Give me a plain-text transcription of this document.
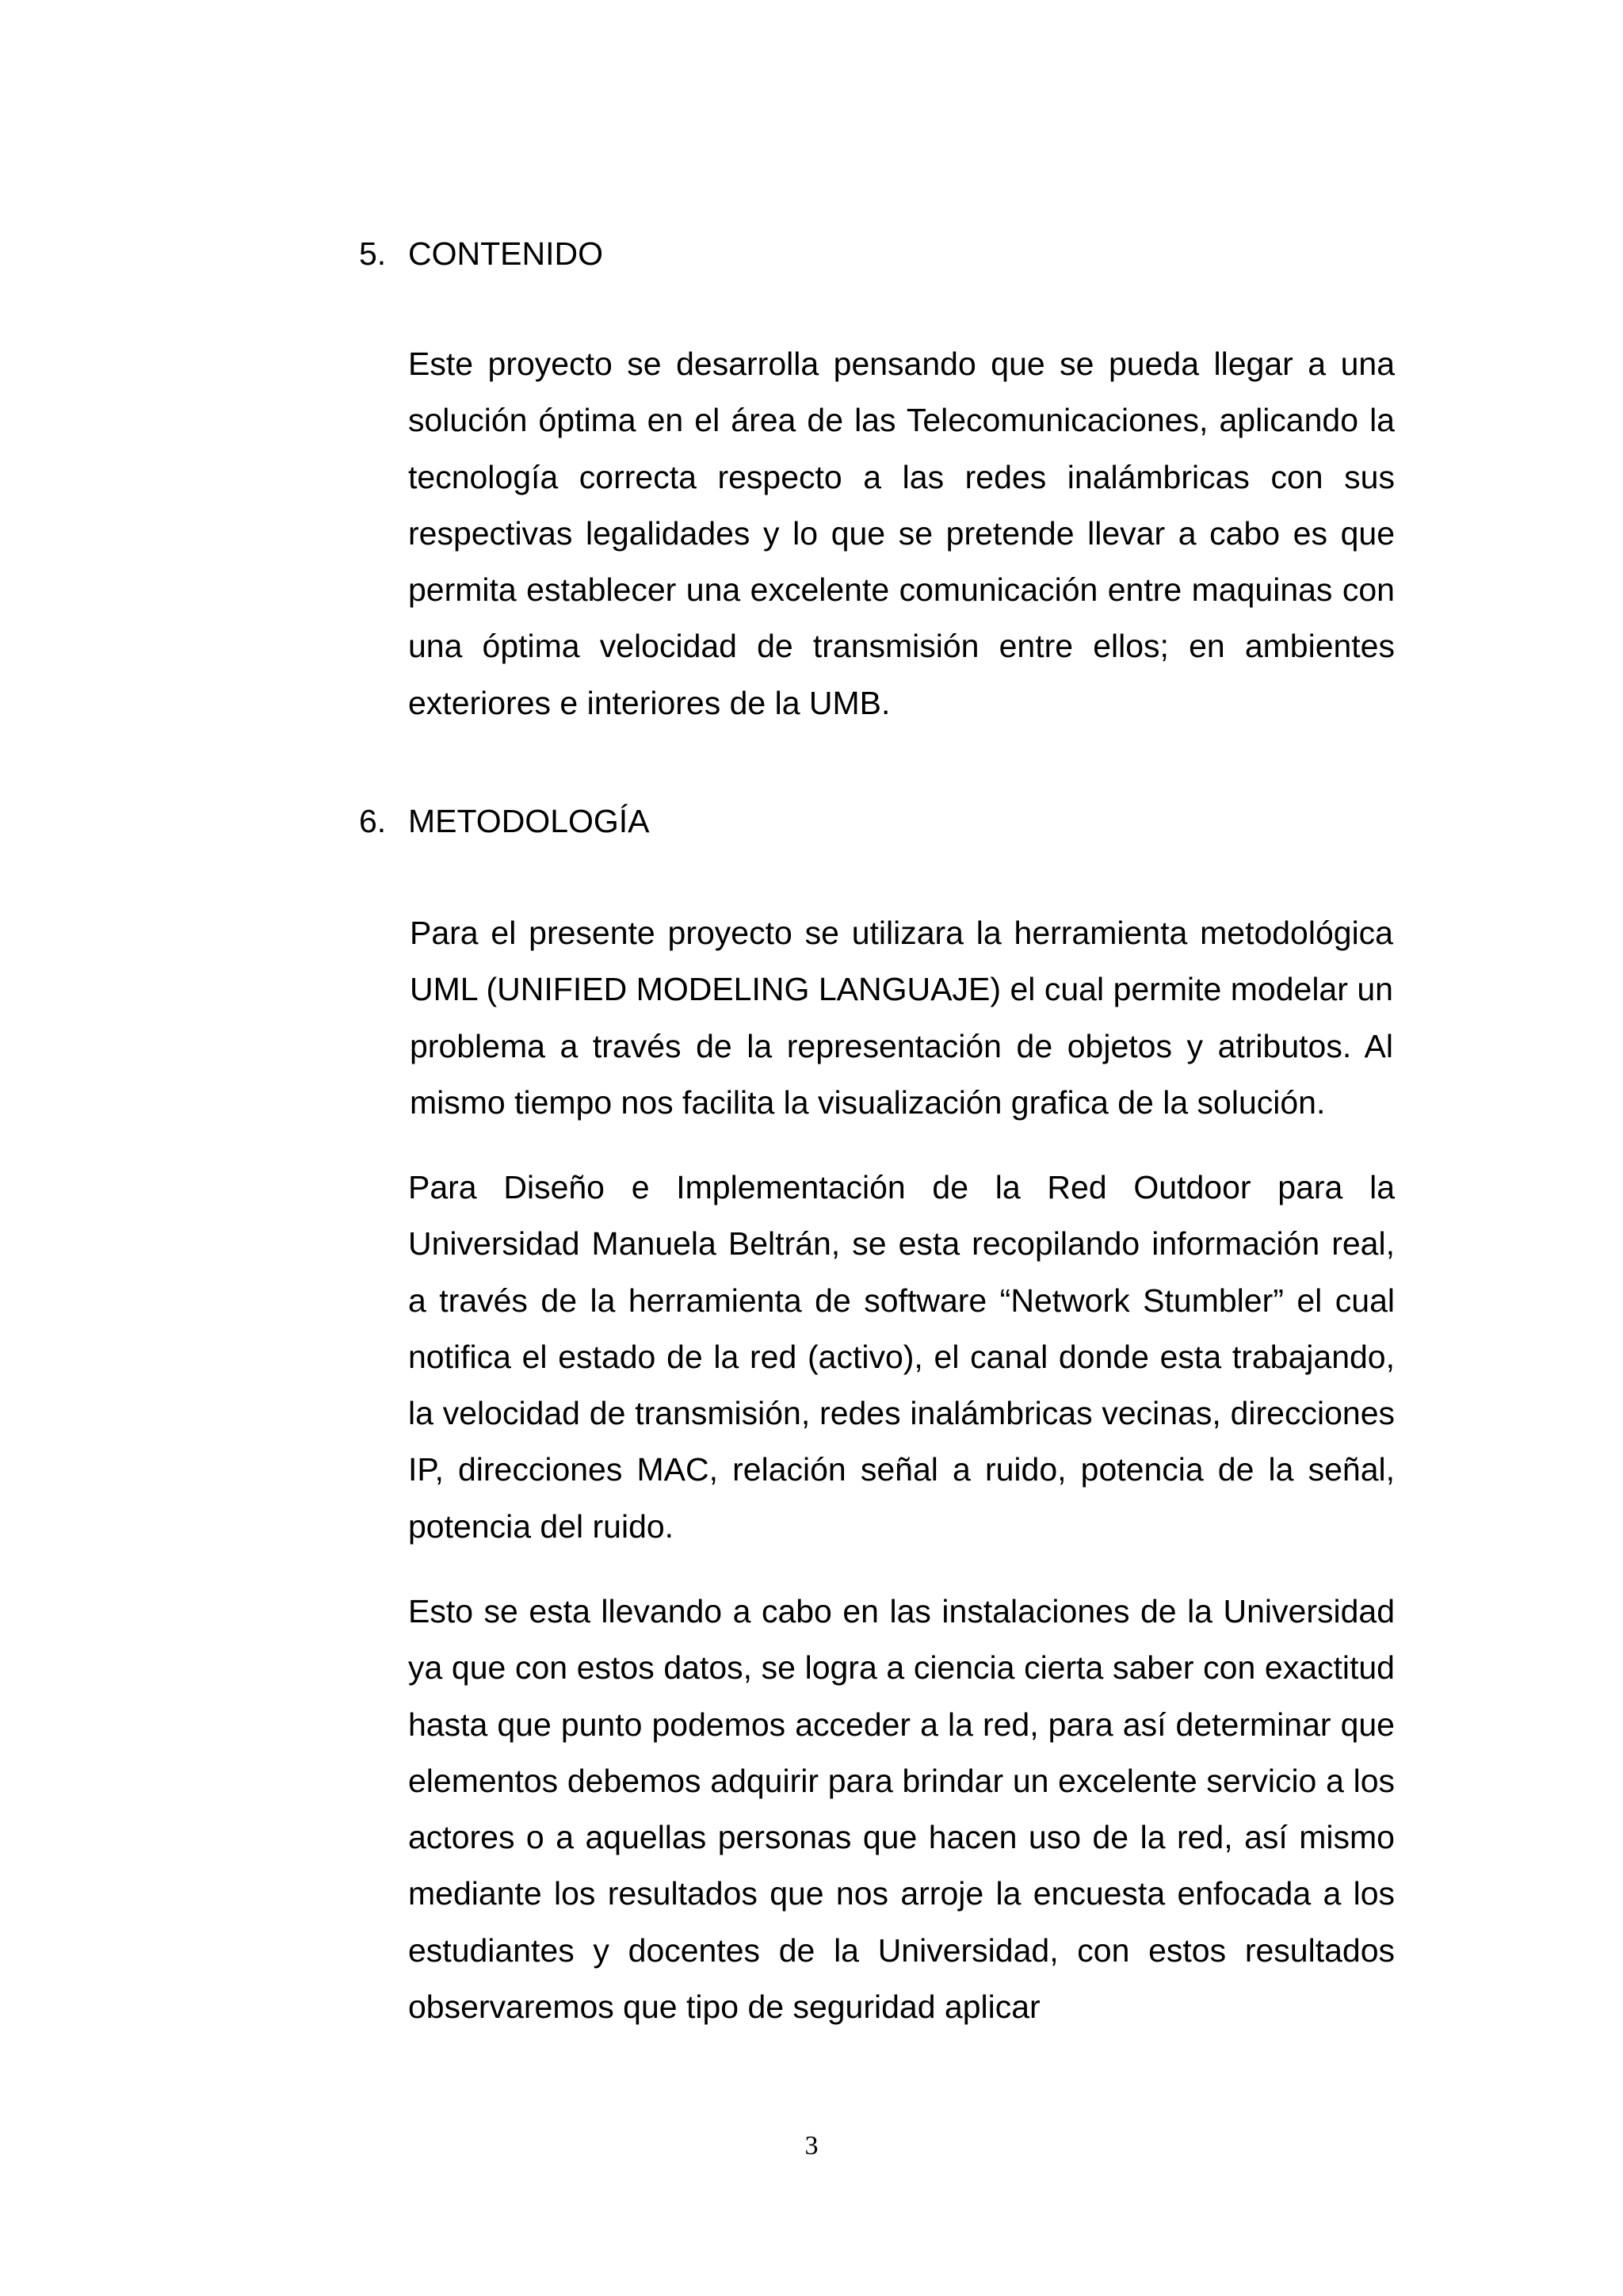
5. CONTENIDO
Este proyecto se desarrolla pensando que se pueda llegar a una solución óptima en el área de las Telecomunicaciones, aplicando la tecnología correcta respecto a las redes inalámbricas con sus respectivas legalidades y lo que se pretende llevar a cabo es que permita establecer una excelente comunicación entre maquinas con una óptima velocidad de transmisión entre ellos; en ambientes exteriores e interiores de la UMB.
6. METODOLOGÍA
Para el presente proyecto se utilizara la herramienta metodológica UML (UNIFIED MODELING LANGUAJE) el cual permite modelar un problema a través de la representación de objetos y atributos. Al mismo tiempo nos facilita la visualización grafica de la solución.
Para Diseño e Implementación de la Red Outdoor para la Universidad Manuela Beltrán, se esta recopilando información real, a través de la herramienta de software “Network Stumbler” el cual notifica el estado de la red (activo), el canal donde esta trabajando, la velocidad de transmisión, redes inalámbricas vecinas, direcciones IP, direcciones MAC, relación señal a ruido, potencia de la señal, potencia del ruido.
Esto se esta llevando a cabo en las instalaciones de la Universidad ya que con estos datos, se logra a ciencia cierta saber con exactitud hasta que punto podemos acceder a la red, para así determinar que elementos debemos adquirir para brindar un excelente servicio a los actores o a aquellas personas que hacen uso de la red, así mismo mediante los resultados que nos arroje la encuesta enfocada a los estudiantes y docentes de la Universidad, con estos resultados observaremos que tipo de seguridad aplicar
3
